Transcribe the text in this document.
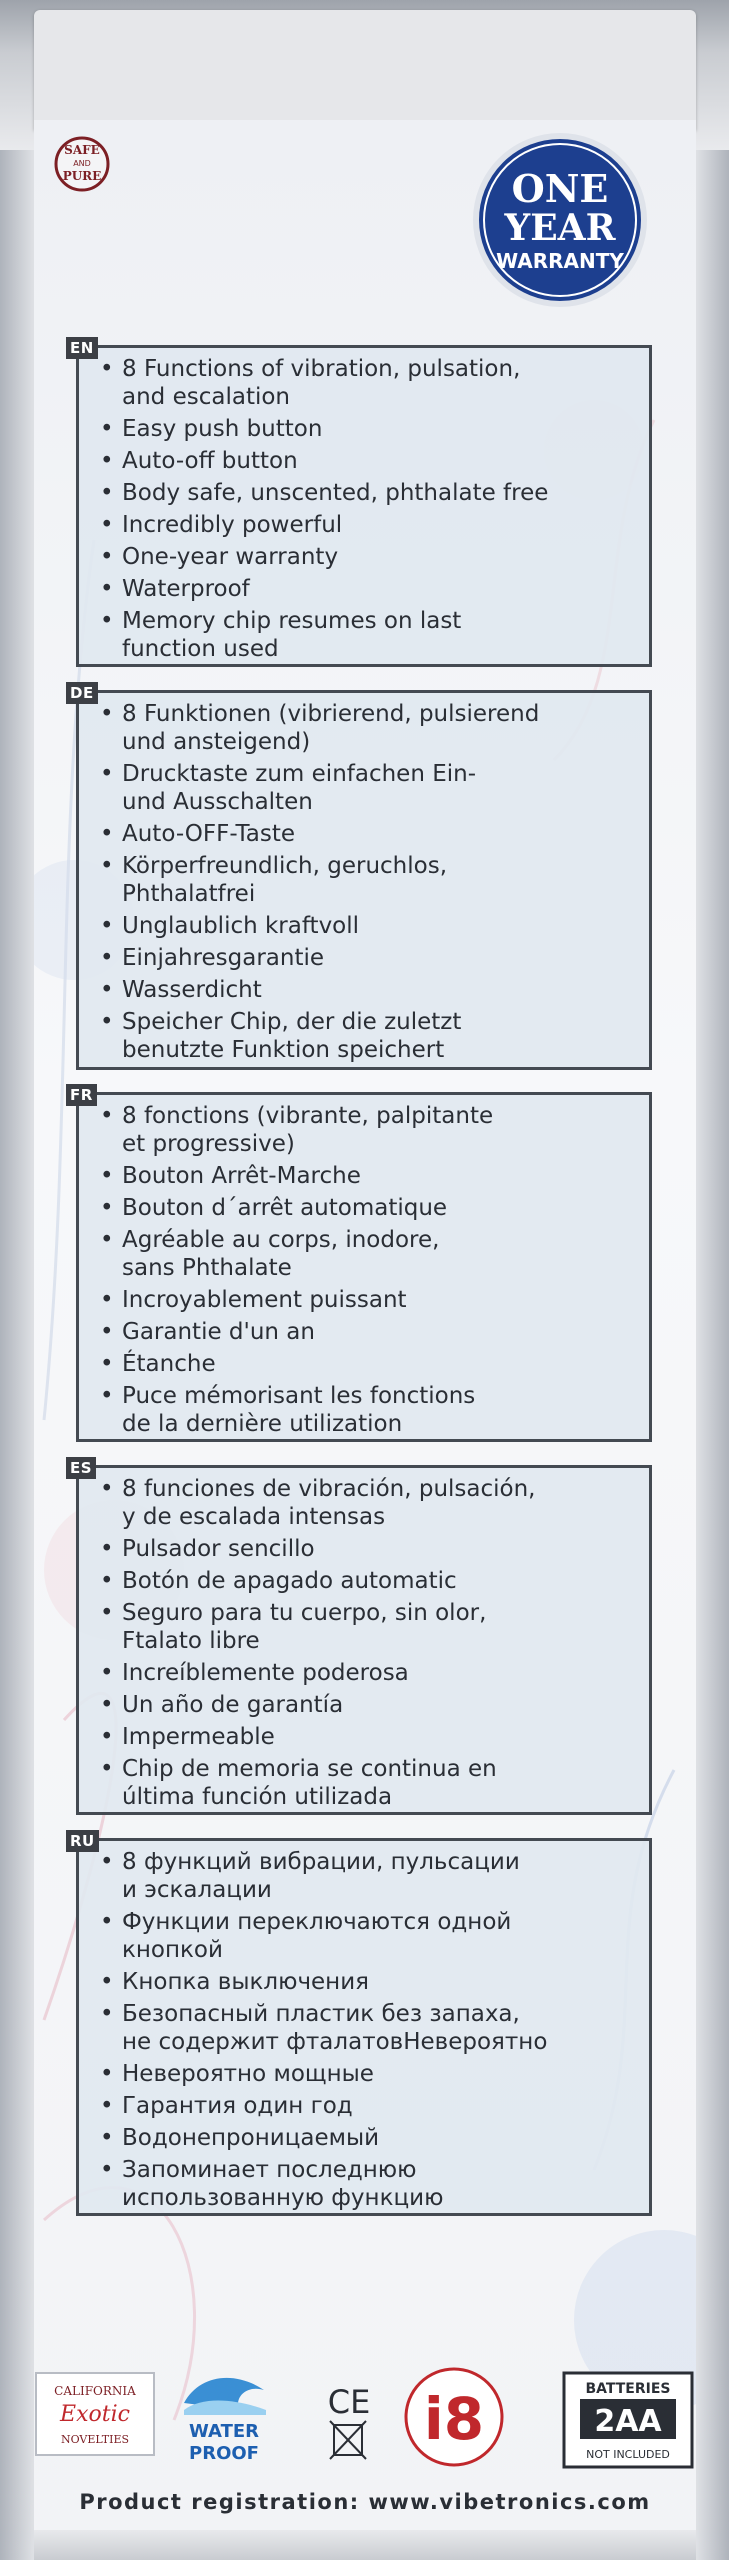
SAFE
AND
PURE	ONE
YEAR
WARRANTY
EN
• 8 Functions of vibration, pulsation,
and escalation
• Easy push button
• Auto-off button
• Body safe, unscented, phthalate free
• Incredibly powerful
• One-year warranty
• Waterproof
• Memory chip resumes on last
function used
DE
• 8 Funktionen (vibrierend, pulsierend
und ansteigend)
• Drucktaste zum einfachen Ein-
und Ausschalten
• Auto-OFF-Taste
• Körperfreundlich, geruchlos,
Phthalatfrei
• Unglaublich kraftvoll
• Einjahresgarantie
• Wasserdicht
• Speicher Chip, der die zuletzt
benutzte Funktion speichert
FR
• 8 fonctions (vibrante, palpitante
et progressive)
• Bouton Arrêt-Marche
• Bouton d´arrêt automatique
• Agréable au corps, inodore,
sans Phthalate
• Incroyablement puissant
• Garantie d'un an
• Étanche
• Puce mémorisant les fonctions
de la dernière utilization
ES
• 8 funciones de vibración, pulsación,
y de escalada intensas
• Pulsador sencillo
• Botón de apagado automatic
• Seguro para tu cuerpo, sin olor,
Ftalato libre
• Increíblemente poderosa
• Un año de garantía
• Impermeable
• Chip de memoria se continua en
última función utilizada
RU
• 8 функций вибрации, пульсации
и эскалации
• Функции переключаются одной
кнопкой
• Кнопка выключения
• Безопасный пластик без запаха,
не содержит фталатовНевероятно
• Невероятно мощные
• Гарантия один год
• Водонепроницаемый
• Запоминает последнюю
использованную функцию
CALIFORNIA
Exotic
NOVELTIES	WATER
PROOF
CE i8	BATTERIES
2AA
NOT INCLUDED
Product registration: www.vibetronics.com
